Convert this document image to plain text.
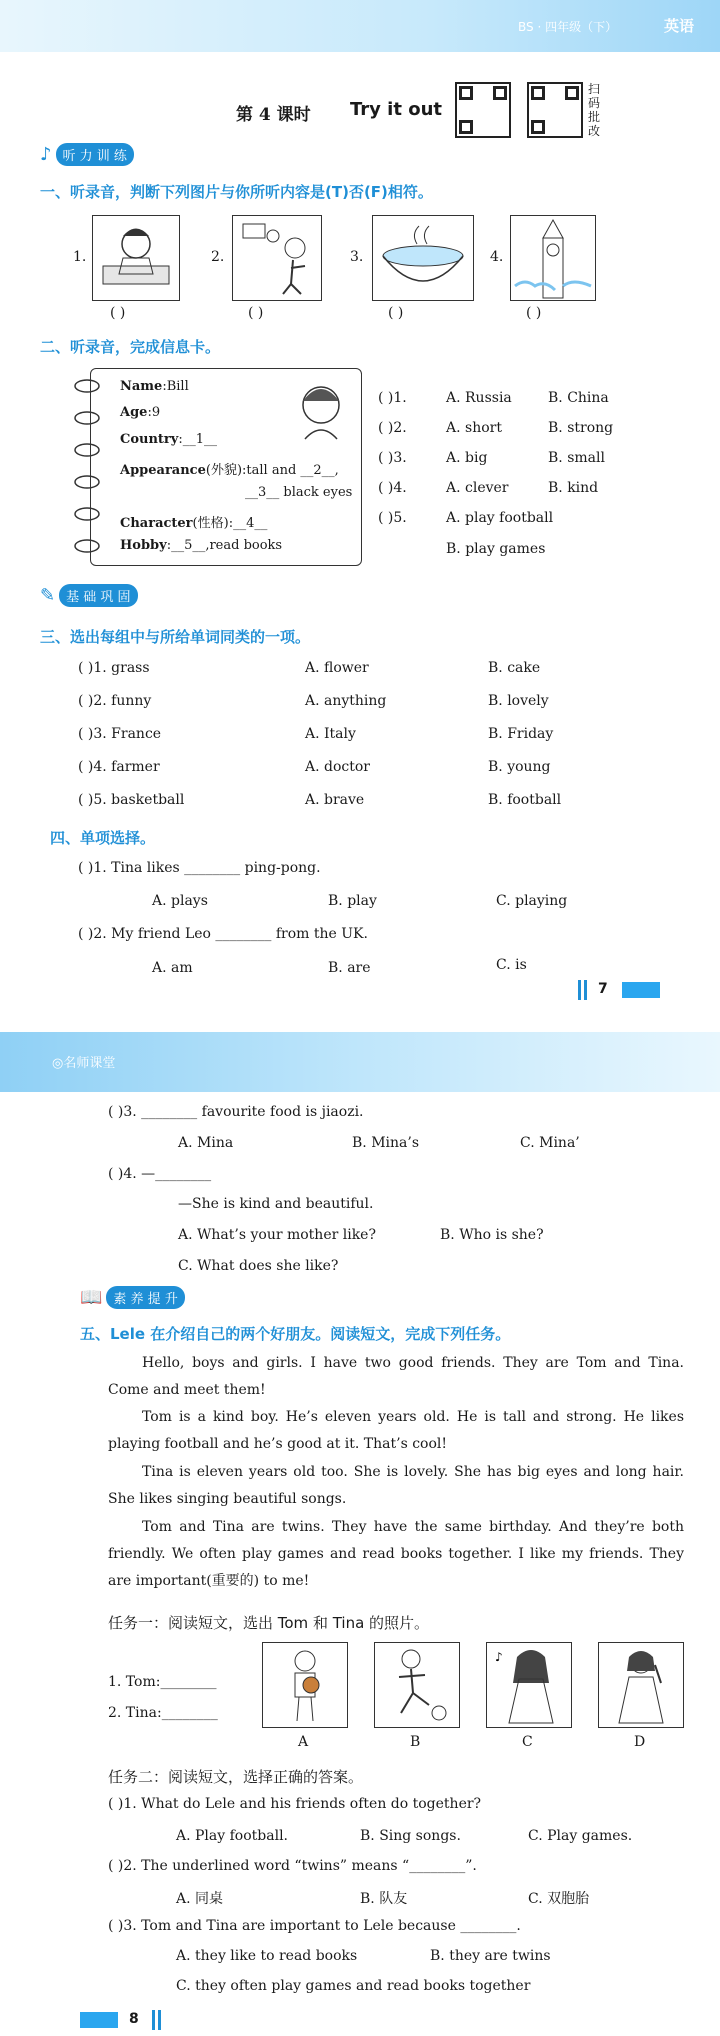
BS · 四年级（下）	英语
第 4 课时 Try it out
扫码批改
♪ 听 力 训 练
一、听录音，判断下列图片与你所听内容是(T)否(F)相符。
1.	2.	3.	4.
( )	( )	( )	( )
二、听录音，完成信息卡。
Name:Bill
Age:9
Country:__1__
Appearance(外貌):tall and __2__,
__3__ black eyes
Character(性格):__4__
Hobby:__5__,read books
( )1.	A. Russia	B. China
( )2.	A. short	B. strong
( )3.	A. big	B. small
( )4.	A. clever	B. kind
( )5.	A. play football
B. play games
✎ 基 础 巩 固
三、选出每组中与所给单词同类的一项。
( )1. grass	A. flower	B. cake
( )2. funny	A. anything	B. lovely
( )3. France	A. Italy	B. Friday
( )4. farmer	A. doctor	B. young
( )5. basketball	A. brave	B. football
四、单项选择。
( )1. Tina likes ________ ping-pong.
A. plays	B. play	C. playing
( )2. My friend Leo ________ from the UK.
A. am	B. are	C. is
7
◎名师课堂
( )3. ________ favourite food is jiaozi.
A. Mina	B. Mina’s	C. Mina’
( )4. —________
—She is kind and beautiful.
A. What’s your mother like?	B. Who is she?
C. What does she like?
📖 素 养 提 升
五、Lele 在介绍自己的两个好朋友。阅读短文，完成下列任务。
Hello, boys and girls. I have two good friends. They are Tom and Tina. Come and meet them!
Tom is a kind boy. He’s eleven years old. He is tall and strong. He likes playing football and he’s good at it. That’s cool!
Tina is eleven years old too. She is lovely. She has big eyes and long hair. She likes singing beautiful songs.
Tom and Tina are twins. They have the same birthday. And they’re both friendly. We often play games and read books together. I like my friends. They are important(重要的) to me!
任务一：阅读短文，选出 Tom 和 Tina 的照片。
1. Tom:________
2. Tina:________
♪
A	B	C	D
任务二：阅读短文，选择正确的答案。
( )1. What do Lele and his friends often do together?
A. Play football.	B. Sing songs.	C. Play games.
( )2. The underlined word “twins” means “________”.
A. 同桌	B. 队友	C. 双胞胎
( )3. Tom and Tina are important to Lele because ________.
A. they like to read books	B. they are twins
C. they often play games and read books together
8
